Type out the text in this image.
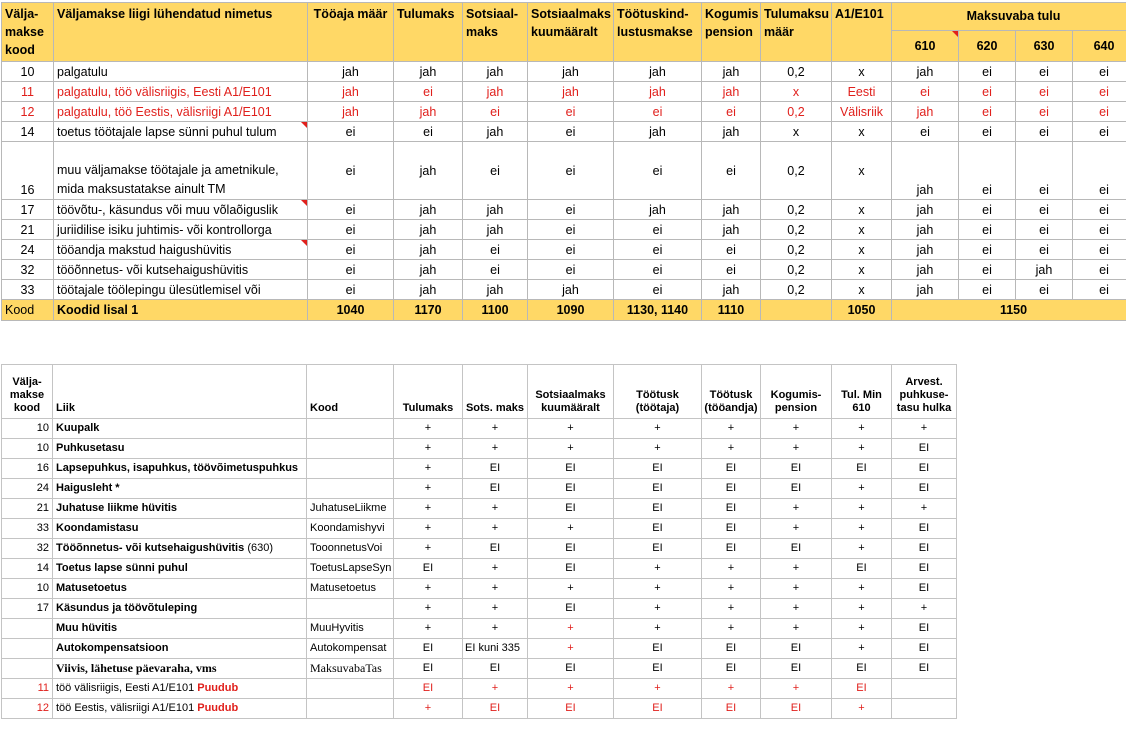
Välja-makse kood	Väljamakse liigi lühendatud nimetus	Tööaja määr	Tulumaks	Sotsiaal-maks	Sotsiaalmaks kuumääralt	Töötuskind-lustusmakse	Kogumis pension	Tulumaksu määr	A1/E101	Maksuvaba tulu			
										610	620	630	640
10	palgatulu	jah	jah	jah	jah	jah	jah	0,2	x	jah	ei	ei	ei
11	palgatulu, töö välisriigis, Eesti A1/E101	jah	ei	jah	jah	jah	jah	x	Eesti	ei	ei	ei	ei
12	palgatulu, töö Eestis, välisriigi A1/E101	jah	jah	ei	ei	ei	ei	0,2	Välisriik	jah	ei	ei	ei
14	toetus töötajale lapse sünni puhul tulum	ei	ei	jah	ei	jah	jah	x	x	ei	ei	ei	ei
16	muu väljamakse töötajale ja ametnikule, mida maksustatakse ainult TM	ei	jah	ei	ei	ei	ei	0,2	x	jah	ei	ei	ei
17	töövõtu-, käsundus või muu võlaõiguslik	ei	jah	jah	ei	jah	jah	0,2	x	jah	ei	ei	ei
21	juriidilise isiku juhtimis- või kontrollorga	ei	jah	jah	ei	ei	jah	0,2	x	jah	ei	ei	ei
24	tööandja makstud haigushüvitis	ei	jah	ei	ei	ei	ei	0,2	x	jah	ei	ei	ei
32	tööõnnetus- või kutsehaigushüvitis	ei	jah	ei	ei	ei	ei	0,2	x	jah	ei	jah	ei
33	töötajale töölepingu ülesütlemisel või	ei	jah	jah	jah	ei	jah	0,2	x	jah	ei	ei	ei
Kood	Koodid lisal 1	1040	1170	1100	1090	1130, 1140	1110		1050	1150			
Välja-makse kood	Liik	Kood	Tulumaks	Sots. maks	Sotsiaalmaks kuumääralt	Töötusk (töötaja)	Töötusk (tööandja)	Kogumis-pension	Tul. Min 610	Arvest. puhkuse-tasu hulka
10	Kuupalk		+	+	+	+	+	+	+	+
10	Puhkusetasu		+	+	+	+	+	+	+	EI
16	Lapsepuhkus, isapuhkus, töövõimetuspuhkus		+	EI	EI	EI	EI	EI	EI	EI
24	Haigusleht *		+	EI	EI	EI	EI	EI	+	EI
21	Juhatuse liikme hüvitis	JuhatuseLiikme	+	+	EI	EI	EI	+	+	+
33	Koondamistasu	Koondamishyvi	+	+	+	EI	EI	+	+	EI
32	Tööõnnetus- või kutsehaigushüvitis (630)	TooonnetusVoi	+	EI	EI	EI	EI	EI	+	EI
14	Toetus lapse sünni puhul	ToetusLapseSyn	EI	+	EI	+	+	+	EI	EI
10	Matusetoetus	Matusetoetus	+	+	+	+	+	+	+	EI
17	Käsundus ja töövõtuleping		+	+	EI	+	+	+	+	+
	Muu hüvitis	MuuHyvitis	+	+	+	+	+	+	+	EI
	Autokompensatsioon	Autokompensat	EI	EI kuni 335	+	EI	EI	EI	+	EI
	Viivis, lähetuse päevaraha, vms	MaksuvabaTas	EI	EI	EI	EI	EI	EI	EI	EI
11	töö välisriigis, Eesti A1/E101 Puudub		EI	+	+	+	+	+	EI	
12	töö Eestis, välisriigi A1/E101 Puudub		+	EI	EI	EI	EI	EI	+	
